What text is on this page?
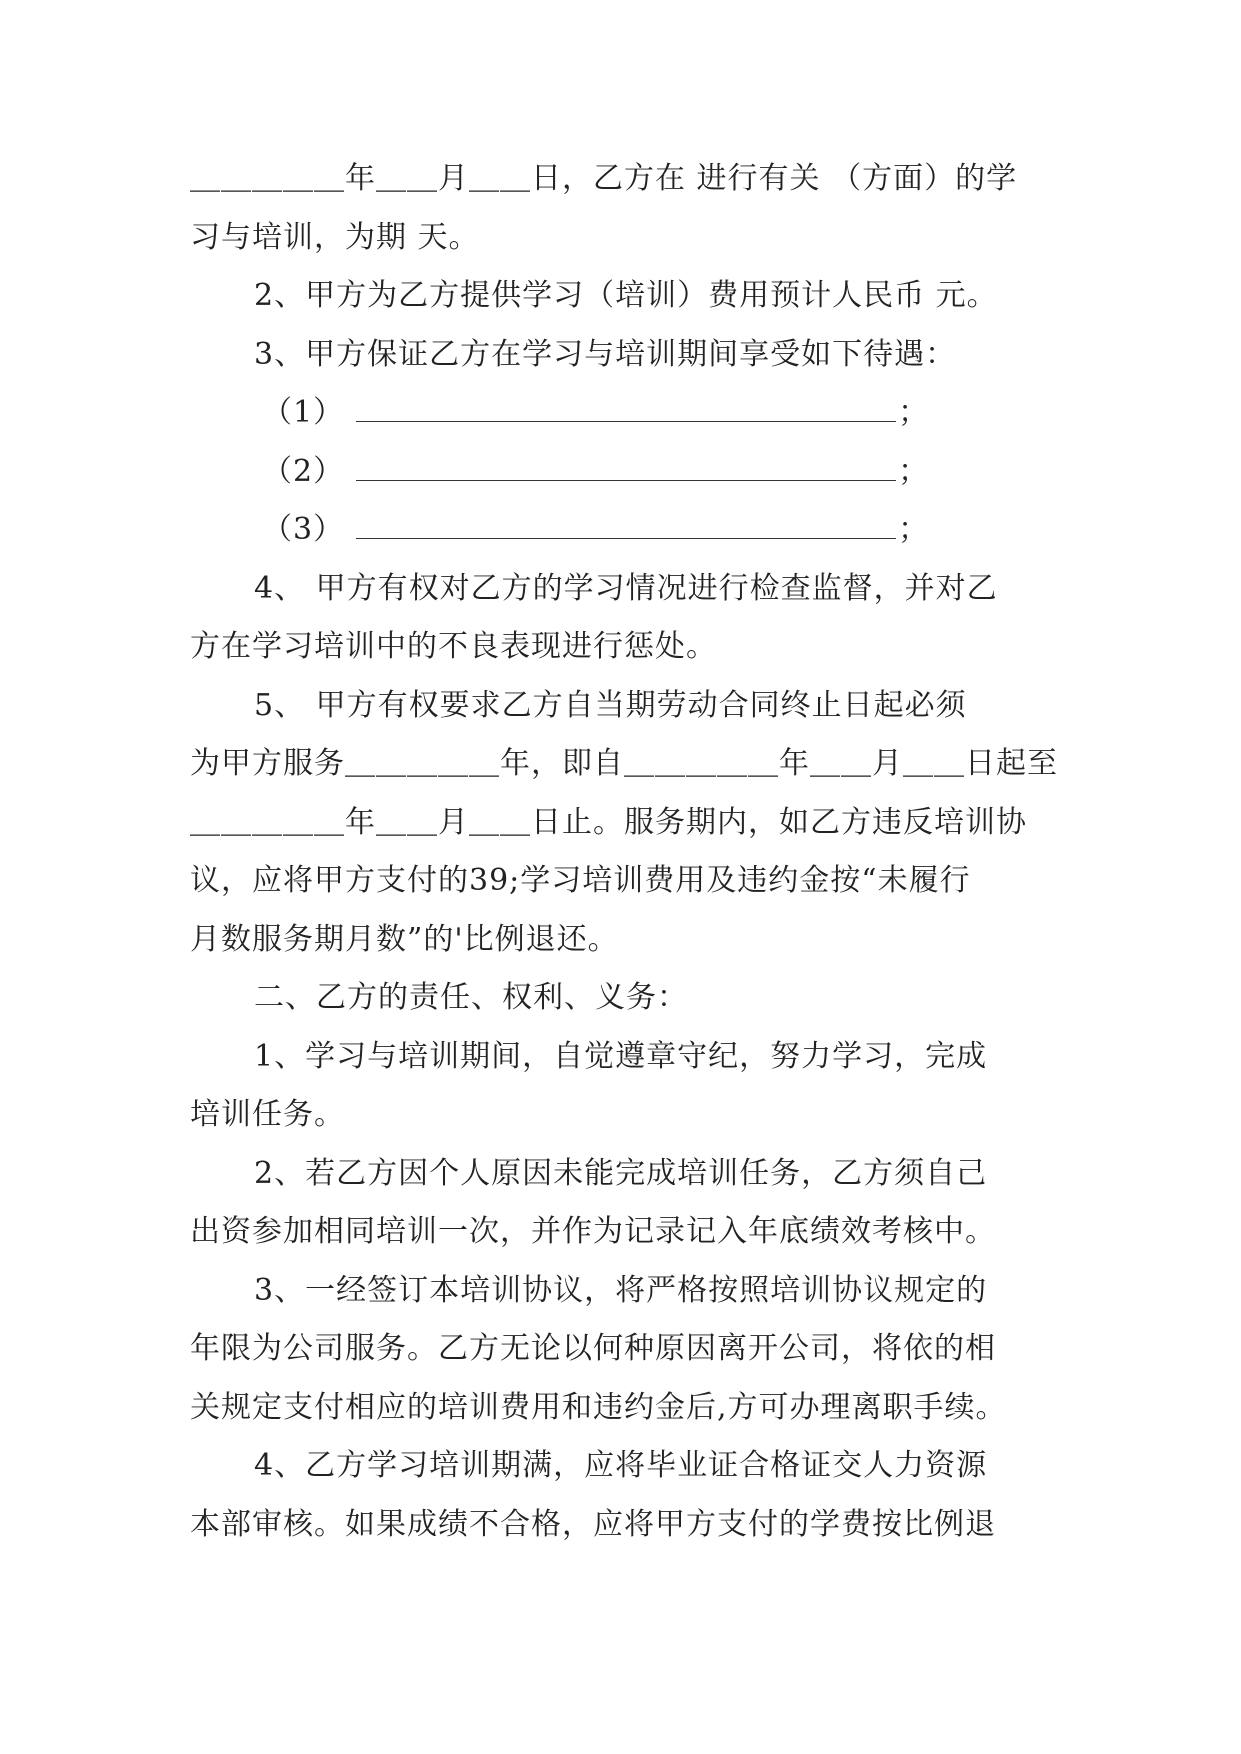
＿＿＿＿＿年＿＿月＿＿日，乙方在 进行有关 （方面）的学
习与培训，为期 天。
2、甲方为乙方提供学习（培训）费用预计人民币 元。
3、甲方保证乙方在学习与培训期间享受如下待遇：
（1）	；
（2）	；
（3）	；
4、 甲方有权对乙方的学习情况进行检查监督，并对乙
方在学习培训中的不良表现进行惩处。
5、 甲方有权要求乙方自当期劳动合同终止日起必须
为甲方服务＿＿＿＿＿年，即自＿＿＿＿＿年＿＿月＿＿日起至
＿＿＿＿＿年＿＿月＿＿日止。服务期内，如乙方违反培训协
议，应将甲方支付的39;学习培训费用及违约金按“未履行
月数服务期月数”的'比例退还。
二、乙方的责任、权利、义务：
1、学习与培训期间，自觉遵章守纪，努力学习，完成
培训任务。
2、若乙方因个人原因未能完成培训任务，乙方须自己
出资参加相同培训一次，并作为记录记入年底绩效考核中。
3、一经签订本培训协议，将严格按照培训协议规定的
年限为公司服务。乙方无论以何种原因离开公司，将依的相
关规定支付相应的培训费用和违约金后,方可办理离职手续。
4、乙方学习培训期满，应将毕业证合格证交人力资源
本部审核。如果成绩不合格，应将甲方支付的学费按比例退
